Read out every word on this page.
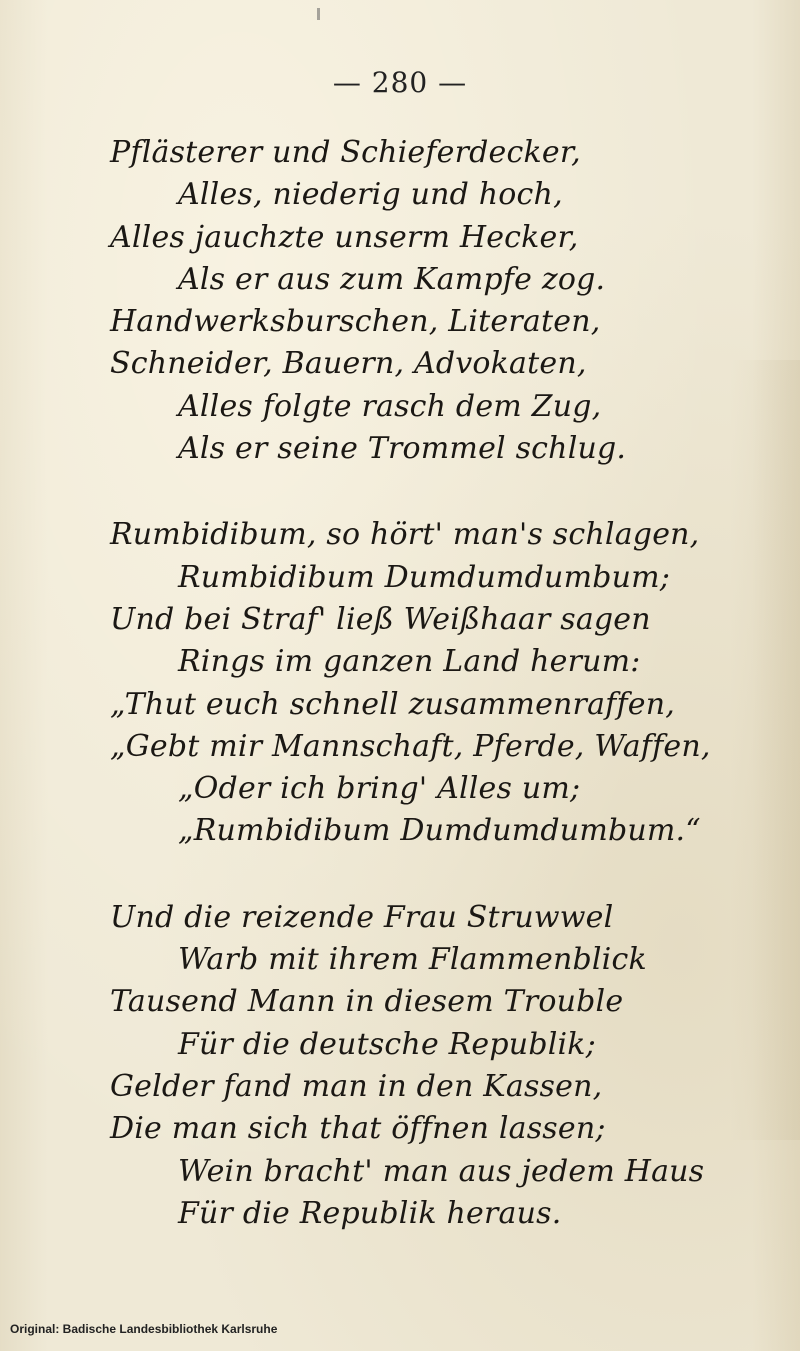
— 280 —
Pflästerer und Schieferdecker,
Alles, niederig und hoch,
Alles jauchzte unserm Hecker,
Als er aus zum Kampfe zog.
Handwerksburschen, Literaten,
Schneider, Bauern, Advokaten,
Alles folgte rasch dem Zug,
Als er seine Trommel schlug.
Rumbidibum, so hört' man's schlagen,
Rumbidibum Dumdumdumbum;
Und bei Straf' ließ Weißhaar sagen
Rings im ganzen Land herum:
„Thut euch schnell zusammenraffen,
„Gebt mir Mannschaft, Pferde, Waffen,
„Oder ich bring' Alles um;
„Rumbidibum Dumdumdumbum.“
Und die reizende Frau Struwwel
Warb mit ihrem Flammenblick
Tausend Mann in diesem Trouble
Für die deutsche Republik;
Gelder fand man in den Kassen,
Die man sich that öffnen lassen;
Wein bracht' man aus jedem Haus
Für die Republik heraus.
Original: Badische Landesbibliothek Karlsruhe
